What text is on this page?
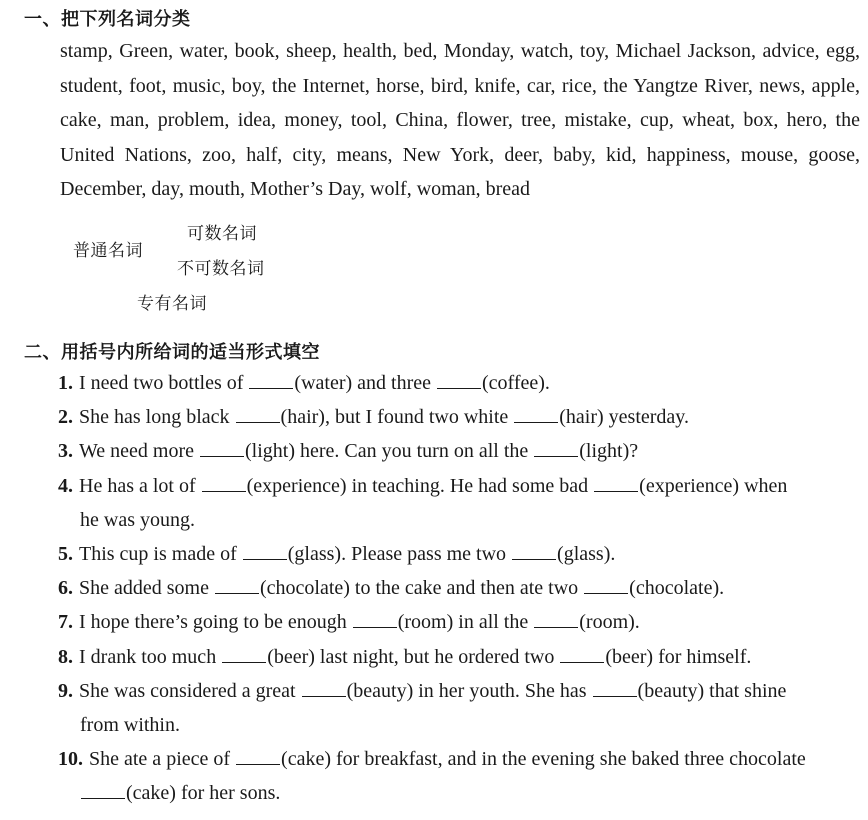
一、把下列名词分类

stamp, Green, water, book, sheep, health, bed, Monday, watch, toy, Michael Jackson, advice, egg, student, foot, music, boy, the Internet, horse, bird, knife, car, rice, the Yangtze River, news, apple, cake, man, problem, idea, money, tool, China, flower, tree, mistake, cup, wheat, box, hero, the United Nations, zoo, half, city, means, New York, deer, baby, kid, happiness, mouse, goose, December, day, mouth, Mother’s Day, wolf, woman, bread

普通名词
可数名词
不可数名词
专有名词
二、用括号内所给词的适当形式填空
1. I need two bottles of (water) and three (coffee).
2. She has long black (hair), but I found two white (hair) yesterday.
3. We need more (light) here. Can you turn on all the (light)?
4. He has a lot of (experience) in teaching. He had some bad (experience) when
he was young.
5. This cup is made of (glass). Please pass me two (glass).
6. She added some (chocolate) to the cake and then ate two (chocolate).
7. I hope there’s going to be enough (room) in all the (room).
8. I drank too much (beer) last night, but he ordered two (beer) for himself.
9. She was considered a great (beauty) in her youth. She has (beauty) that shine
from within.
10. She ate a piece of (cake) for breakfast, and in the evening she baked three chocolate
(cake) for her sons.
